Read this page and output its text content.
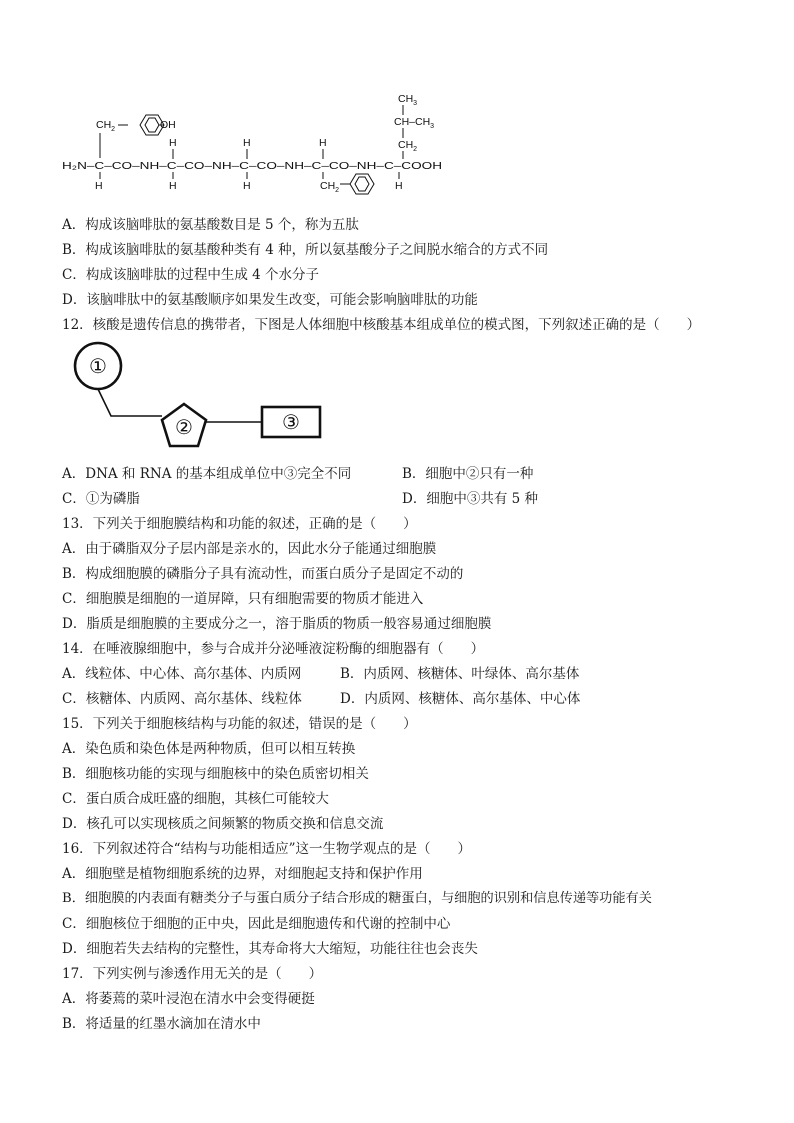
$CH_3$
$CH-CH_3$
$CH_2$
$CH_2$	OH
H₂N–C–CO–NH–C–CO–NH–C–CO–NH–C–CO–NH–C–COOH
H
H
H
H
H
H
H
$CH_2$
A．构成该脑啡肽的氨基酸数目是 5 个，称为五肽
B．构成该脑啡肽的氨基酸种类有 4 种，所以氨基酸分子之间脱水缩合的方式不同
C．构成该脑啡肽的过程中生成 4 个水分子
D．该脑啡肽中的氨基酸顺序如果发生改变，可能会影响脑啡肽的功能
12．核酸是遗传信息的携带者，下图是人体细胞中核酸基本组成单位的模式图，下列叙述正确的是（　　）
①
②	③
A．DNA 和 RNA 的基本组成单位中③完全不同	B．细胞中②只有一种
C．①为磷脂	D．细胞中③共有 5 种
13．下列关于细胞膜结构和功能的叙述，正确的是（　　）
A．由于磷脂双分子层内部是亲水的，因此水分子能通过细胞膜
B．构成细胞膜的磷脂分子具有流动性，而蛋白质分子是固定不动的
C．细胞膜是细胞的一道屏障，只有细胞需要的物质才能进入
D．脂质是细胞膜的主要成分之一，溶于脂质的物质一般容易通过细胞膜
14．在唾液腺细胞中，参与合成并分泌唾液淀粉酶的细胞器有（　　）
A．线粒体、中心体、高尔基体、内质网	B．内质网、核糖体、叶绿体、高尔基体
C．核糖体、内质网、高尔基体、线粒体	D．内质网、核糖体、高尔基体、中心体
15．下列关于细胞核结构与功能的叙述，错误的是（　　）
A．染色质和染色体是两种物质，但可以相互转换
B．细胞核功能的实现与细胞核中的染色质密切相关
C．蛋白质合成旺盛的细胞，其核仁可能较大
D．核孔可以实现核质之间频繁的物质交换和信息交流
16．下列叙述符合“结构与功能相适应”这一生物学观点的是（　　）
A．细胞壁是植物细胞系统的边界，对细胞起支持和保护作用
B．细胞膜的内表面有糖类分子与蛋白质分子结合形成的糖蛋白，与细胞的识别和信息传递等功能有关
C．细胞核位于细胞的正中央，因此是细胞遗传和代谢的控制中心
D．细胞若失去结构的完整性，其寿命将大大缩短，功能往往也会丧失
17．下列实例与渗透作用无关的是（　　）
A．将萎蔫的菜叶浸泡在清水中会变得硬挺
B．将适量的红墨水滴加在清水中
